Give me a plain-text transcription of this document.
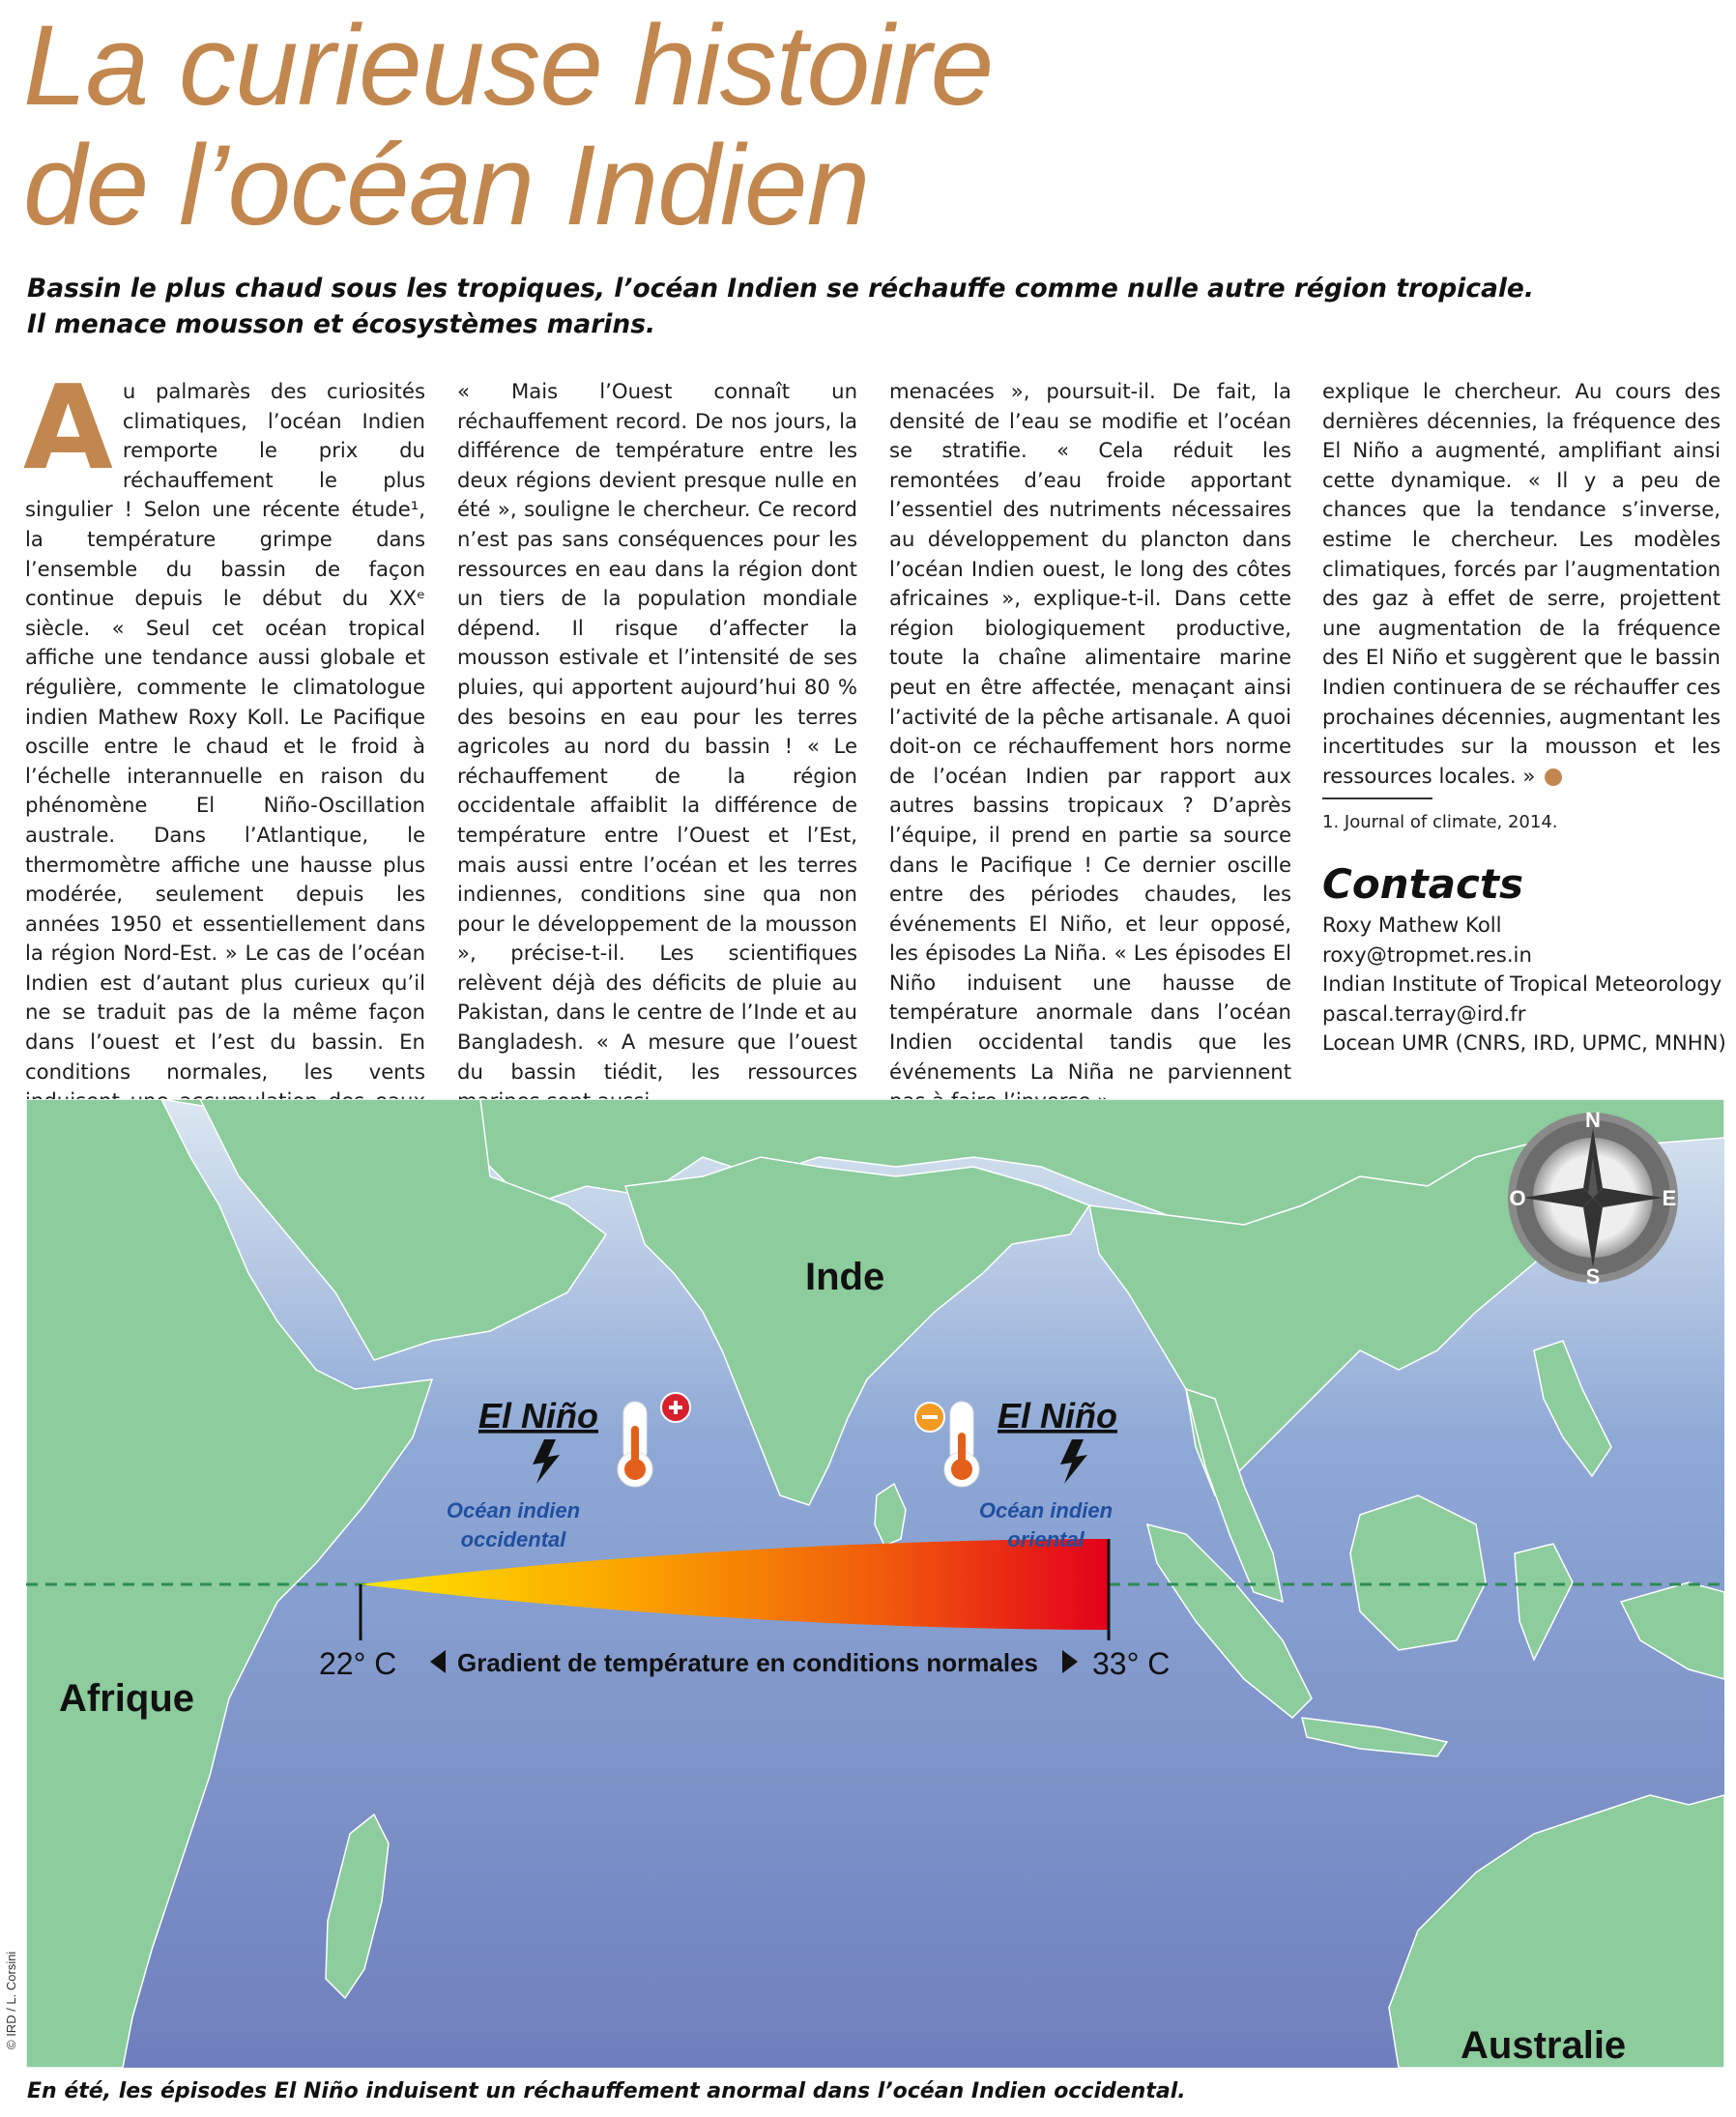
La curieuse histoire
de l’océan Indien

Bassin le plus chaud sous les tropiques, l’océan Indien se réchauffe comme nulle autre région tropicale.
Il menace mousson et écosystèmes marins.

A u palmarès des curiosités climatiques, l’océan Indien remporte le prix du réchauffement le plus singulier ! Selon une récente étude¹, la température grimpe dans l’ensemble du bassin de façon continue depuis le début du XXᵉ siècle. « Seul cet océan tropical affiche une tendance aussi globale et régulière, commente le climatologue indien Mathew Roxy Koll. Le Pacifique oscille entre le chaud et le froid à l’échelle interannuelle en raison du phénomène El Niño-Oscillation australe. Dans l’Atlantique, le thermomètre affiche une hausse plus modérée, seulement depuis les années 1950 et essentiellement dans la région Nord-Est. » Le cas de l’océan Indien est d’autant plus curieux qu’il ne se traduit pas de la même façon dans l’ouest et l’est du bassin. En conditions normales, les vents

« Mais l’Ouest connaît un réchauffement record. De nos jours, la différence de température entre les deux régions devient presque nulle en été », souligne le chercheur. Ce record n’est pas sans conséquences pour les ressources en eau dans la région dont un tiers de la population mondiale dépend. Il risque d’affecter la mousson estivale et l’intensité de ses pluies, qui apportent aujourd’hui 80 % des besoins en eau pour les terres agricoles au nord du bassin ! « Le réchauffement de la région occidentale affaiblit la différence de température entre l’Ouest et l’Est, mais aussi entre l’océan et les terres indiennes, conditions sine qua non pour le développement de la mousson », précise-t-il. Les scientifiques relèvent déjà des déficits de pluie au Pakistan, dans le centre de l’Inde et au Bangladesh. « A mesure que l’ouest du bassin tiédit, les ressources

menacées », poursuit-il. De fait, la densité de l’eau se modifie et l’océan se stratifie. « Cela réduit les remontées d’eau froide apportant l’essentiel des nutriments nécessaires au développement du plancton dans l’océan Indien ouest, le long des côtes africaines », explique-t-il. Dans cette région biologiquement productive, toute la chaîne alimentaire marine peut en être affectée, menaçant ainsi l’activité de la pêche artisanale. A quoi doit-on ce réchauffement hors norme de l’océan Indien par rapport aux autres bassins tropicaux ? D’après l’équipe, il prend en partie sa source dans le Pacifique ! Ce dernier oscille entre des périodes chaudes, les événements El Niño, et leur opposé, les épisodes La Niña. « Les épisodes El Niño induisent une hausse de température anormale dans l’océan Indien occidental tandis que les événements La Niña ne parviennent

explique le chercheur. Au cours des dernières décennies, la fréquence des El Niño a augmenté, amplifiant ainsi cette dynamique. « Il y a peu de chances que la tendance s’inverse, estime le chercheur. Les modèles climatiques, forcés par l’augmentation des gaz à effet de serre, projettent une augmentation de la fréquence des El Niño et suggèrent que le bassin Indien continuera de se réchauffer ces prochaines décennies, augmentant les incertitudes sur la mousson et les ressources locales. »

1. Journal of climate, 2014.
Contacts
Roxy Mathew Koll
roxy@tropmet.res.in
Indian Institute of Tropical Meteorology
pascal.terray@ird.fr
Locean UMR (CNRS, IRD, UPMC, MNHN)
22° C	33° C
Gradient de température en conditions normales
Inde
Afrique
Australie
Océan indien
occidental
Océan indien
oriental
El Niño	El Niño
N
S
E
O
© IRD / L. Corsini
En été, les épisodes El Niño induisent un réchauffement anormal dans l’océan Indien occidental.
